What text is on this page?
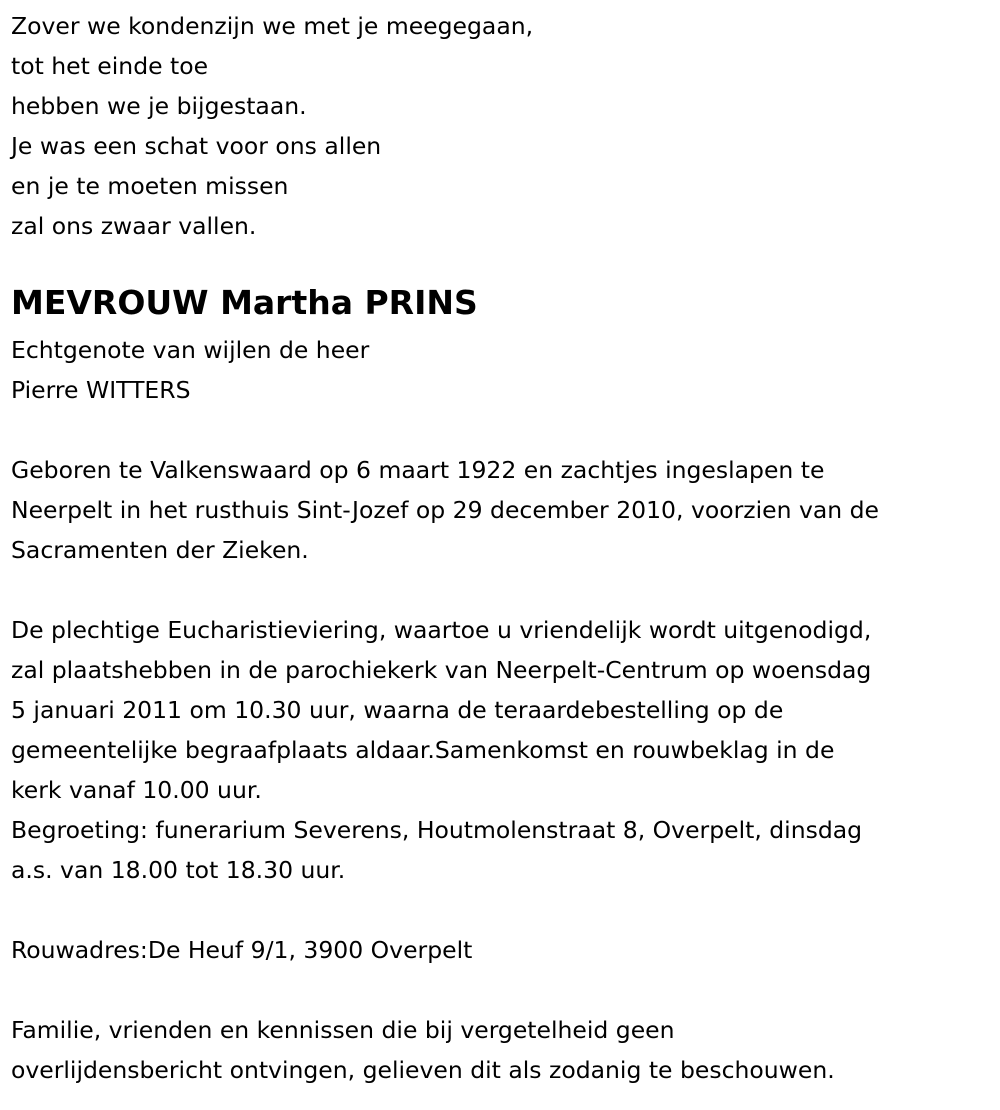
Zover we kondenzijn we met je meegegaan,
tot het einde toe
hebben we je bijgestaan.
Je was een schat voor ons allen
en je te moeten missen
zal ons zwaar vallen.
MEVROUW Martha PRINS
Echtgenote van wijlen de heer
Pierre WITTERS
Geboren te Valkenswaard op 6 maart 1922 en zachtjes ingeslapen te
Neerpelt in het rusthuis Sint-Jozef op 29 december 2010, voorzien van de
Sacramenten der Zieken.
De plechtige Eucharistieviering, waartoe u vriendelijk wordt uitgenodigd,
zal plaatshebben in de parochiekerk van Neerpelt-Centrum op woensdag
5 januari 2011 om 10.30 uur, waarna de teraardebestelling op de
gemeentelijke begraafplaats aldaar.Samenkomst en rouwbeklag in de
kerk vanaf 10.00 uur.
Begroeting: funerarium Severens, Houtmolenstraat 8, Overpelt, dinsdag
a.s. van 18.00 tot 18.30 uur.
Rouwadres:De Heuf 9/1, 3900 Overpelt
Familie, vrienden en kennissen die bij vergetelheid geen
overlijdensbericht ontvingen, gelieven dit als zodanig te beschouwen.
